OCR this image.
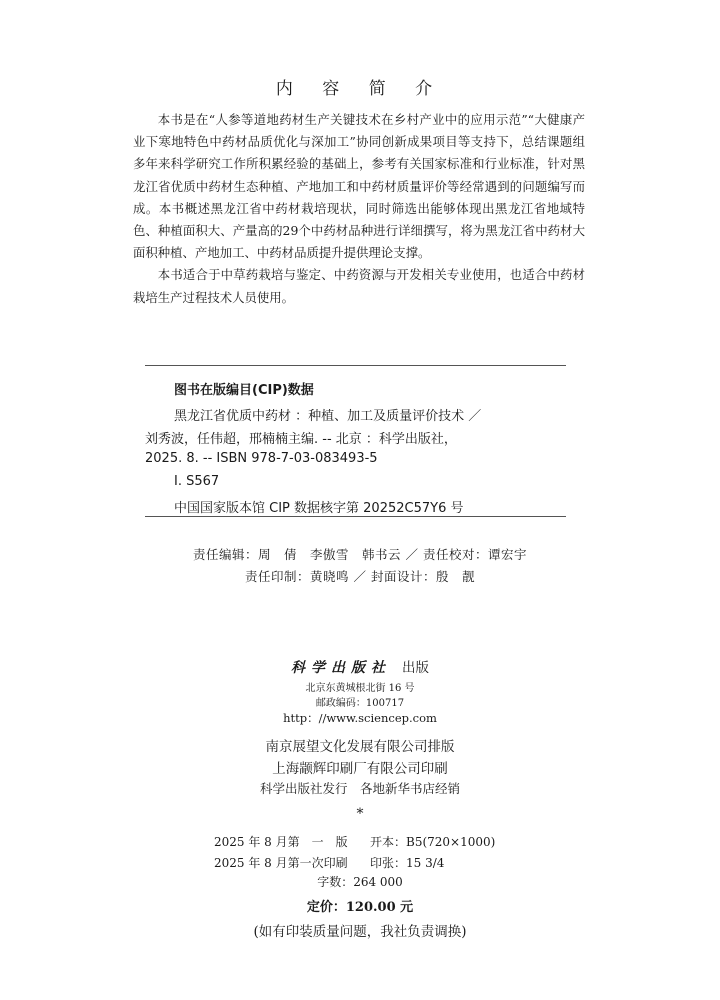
内 容 简 介

本书是在“人参等道地药材生产关键技术在乡村产业中的应用示范”“大健康产业下寒地特色中药材品质优化与深加工”协同创新成果项目等支持下，总结课题组多年来科学研究工作所积累经验的基础上，参考有关国家标准和行业标准，针对黑龙江省优质中药材生态种植、产地加工和中药材质量评价等经常遇到的问题编写而成。本书概述黑龙江省中药材栽培现状，同时筛选出能够体现出黑龙江省地域特色、种植面积大、产量高的29个中药材品种进行详细撰写，将为黑龙江省中药材大面积种植、产地加工、中药材品质提升提供理论支撑。

本书适合于中草药栽培与鉴定、中药资源与开发相关专业使用，也适合中药材栽培生产过程技术人员使用。

图书在版编目(CIP)数据
黑龙江省优质中药材 ：种植、加工及质量评价技术 ／
刘秀波，任伟超，邢楠楠主编. -- 北京 ：科学出版社，
2025. 8. -- ISBN 978-7-03-083493-5
Ⅰ. S567
中国国家版本馆 CIP 数据核字第 20252C57Y6 号
责任编辑：周　倩　李傲雪　韩书云 ／ 责任校对：谭宏宇
责任印制：黄晓鸣 ／ 封面设计：殷　靓
科学出版社 出版
北京东黄城根北街 16 号
邮政编码：100717
http：//www.sciencep.com
南京展望文化发展有限公司排版
上海颛辉印刷厂有限公司印刷
科学出版社发行　各地新华书店经销
*
2025 年 8 月第　一　版	开本：B5(720×1000)
2025 年 8 月第一次印刷	印张：15 3/4
字数：264 000
定价：120.00 元
(如有印装质量问题，我社负责调换)
